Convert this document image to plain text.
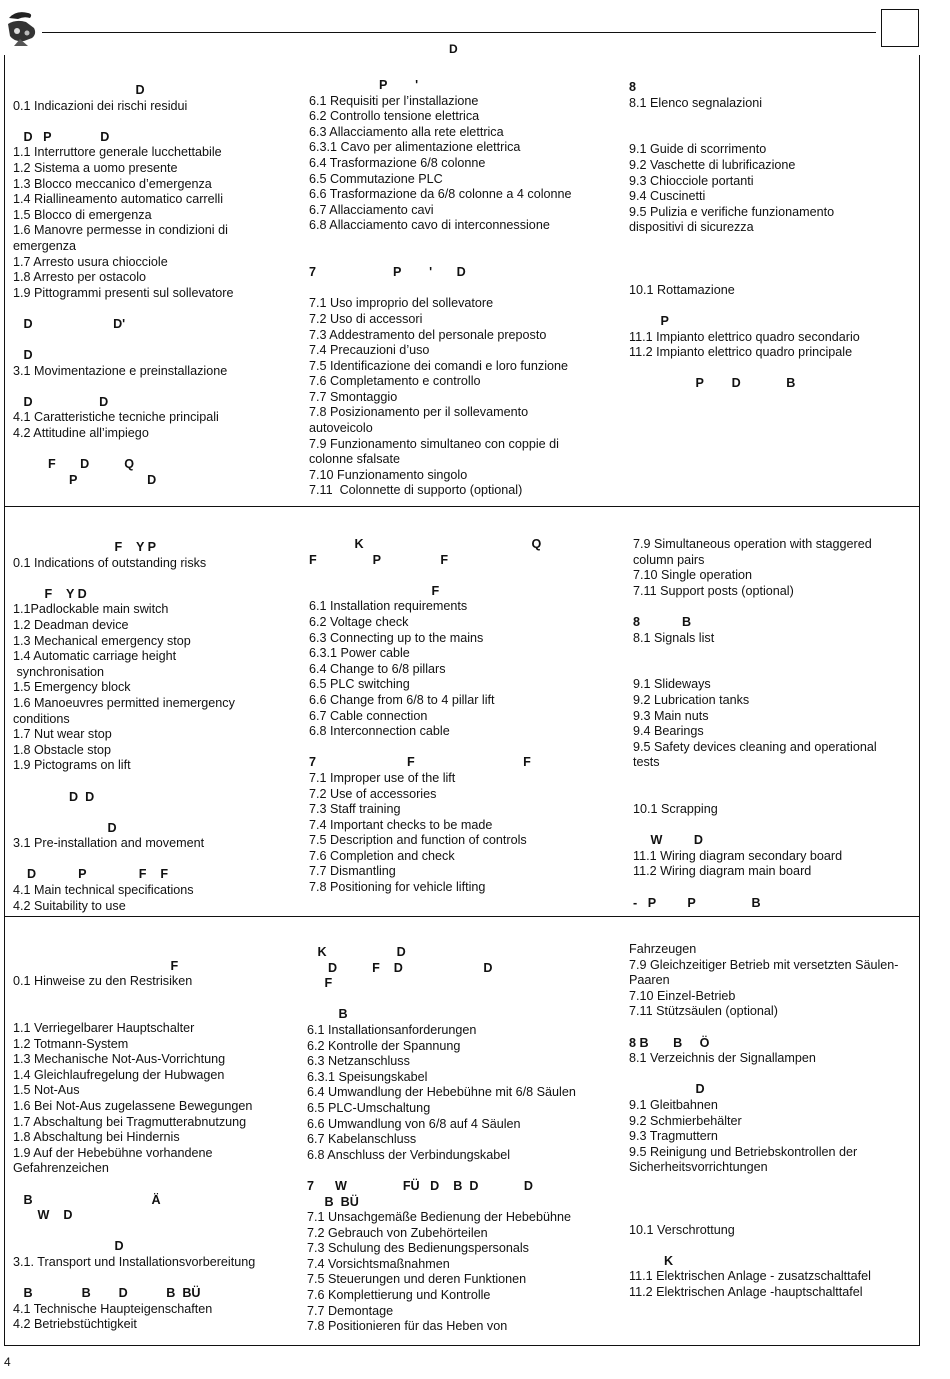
D
D
0.1 Indicazioni dei rischi residui
D   P              D
1.1 Interruttore generale lucchettabile
1.2 Sistema a uomo presente
1.3 Blocco meccanico d’emergenza
1.4 Riallineamento automatico carrelli
1.5 Blocco di emergenza
1.6 Manovre permesse in condizioni di
emergenza
1.7 Arresto usura chiocciole
1.8 Arresto per ostacolo
1.9 Pittogrammi presenti sul sollevatore
D                       D'
D
3.1 Movimentazione e preinstallazione
D                   D
4.1 Caratteristiche tecniche principali
4.2 Attitudine all’impiego
F       D          Q
P                    D
P        '
6.1 Requisiti per l’installazione
6.2 Controllo tensione elettrica
6.3 Allacciamento alla rete elettrica
6.3.1 Cavo per alimentazione elettrica
6.4 Trasformazione 6/8 colonne
6.5 Commutazione PLC
6.6 Trasformazione da 6/8 colonne a 4 colonne
6.7 Allacciamento cavi
6.8 Allacciamento cavo di interconnessione
7                      P        '       D
7.1 Uso improprio del sollevatore
7.2 Uso di accessori
7.3 Addestramento del personale preposto
7.4 Precauzioni d’uso
7.5 Identificazione dei comandi e loro funzione
7.6 Completamento e controllo
7.7 Smontaggio
7.8 Posizionamento per il sollevamento
autoveicolo
7.9 Funzionamento simultaneo con coppie di
colonne sfalsate
7.10 Funzionamento singolo
7.11  Colonnette di supporto (optional)
8
8.1 Elenco segnalazioni
9.1 Guide di scorrimento
9.2 Vaschette di lubrificazione
9.3 Chiocciole portanti
9.4 Cuscinetti
9.5 Pulizia e verifiche funzionamento
dispositivi di sicurezza
10.1 Rottamazione
P
11.1 Impianto elettrico quadro secondario
11.2 Impianto elettrico quadro principale
P        D             B
F    Y P
0.1 Indications of outstanding risks
F    Y D
1.1Padlockable main switch
1.2 Deadman device
1.3 Mechanical emergency stop
1.4 Automatic carriage height
synchronisation
1.5 Emergency block
1.6 Manoeuvres permitted inemergency
conditions
1.7 Nut wear stop
1.8 Obstacle stop
1.9 Pictograms on lift
D  D
D
3.1 Pre-installation and movement
D            P               F    F
4.1 Main technical specifications
4.2 Suitability to use
K                                                Q
F                P                 F
F
6.1 Installation requirements
6.2 Voltage check
6.3 Connecting up to the mains
6.3.1 Power cable
6.4 Change to 6/8 pillars
6.5 PLC switching
6.6 Change from 6/8 to 4 pillar lift
6.7 Cable connection
6.8 Interconnection cable
7                          F                               F
7.1 Improper use of the lift
7.2 Use of accessories
7.3 Staff training
7.4 Important checks to be made
7.5 Description and function of controls
7.6 Completion and check
7.7 Dismantling
7.8 Positioning for vehicle lifting
7.9 Simultaneous operation with staggered
column pairs
7.10 Single operation
7.11 Support posts (optional)
8            B
8.1 Signals list
9.1 Slideways
9.2 Lubrication tanks
9.3 Main nuts
9.4 Bearings
9.5 Safety devices cleaning and operational
tests
10.1 Scrapping
W         D
11.1 Wiring diagram secondary board
11.2 Wiring diagram main board
-   P         P                B
F
0.1 Hinweise zu den Restrisiken
1.1 Verriegelbarer Hauptschalter
1.2 Totmann-System
1.3 Mechanische Not-Aus-Vorrichtung
1.4 Gleichlaufregelung der Hubwagen
1.5 Not-Aus
1.6 Bei Not-Aus zugelassene Bewegungen
1.7 Abschaltung bei Tragmutterabnutzung
1.8 Abschaltung bei Hindernis
1.9 Auf der Hebebühne vorhandene
Gefahrenzeichen
B                                  Ä
W    D
D
3.1. Transport und Installationsvorbereitung
B              B        D           B  BÜ
4.1 Technische Haupteigenschaften
4.2 Betriebstüchtigkeit
K                    D
D          F    D                       D
F
B
6.1 Installationsanforderungen
6.2 Kontrolle der Spannung
6.3 Netzanschluss
6.3.1 Speisungskabel
6.4 Umwandlung der Hebebühne mit 6/8 Säulen
6.5 PLC-Umschaltung
6.6 Umwandlung von 6/8 auf 4 Säulen
6.7 Kabelanschluss
6.8 Anschluss der Verbindungskabel
7      W                FÜ   D    B  D             D
B  BÜ
7.1 Unsachgemäße Bedienung der Hebebühne
7.2 Gebrauch von Zubehörteilen
7.3 Schulung des Bedienungspersonals
7.4 Vorsichtsmaßnahmen
7.5 Steuerungen und deren Funktionen
7.6 Komplettierung und Kontrolle
7.7 Demontage
7.8 Positionieren für das Heben von
Fahrzeugen
7.9 Gleichzeitiger Betrieb mit versetzten Säulen-
Paaren
7.10 Einzel-Betrieb
7.11 Stützsäulen (optional)
8 B       B     Ö
8.1 Verzeichnis der Signallampen
D
9.1 Gleitbahnen
9.2 Schmierbehälter
9.3 Tragmuttern
9.5 Reinigung und Betriebskontrollen der
Sicherheitsvorrichtungen
10.1 Verschrottung
K
11.1 Elektrischen Anlage - zusatzschalttafel
11.2 Elektrischen Anlage -hauptschalttafel
4
